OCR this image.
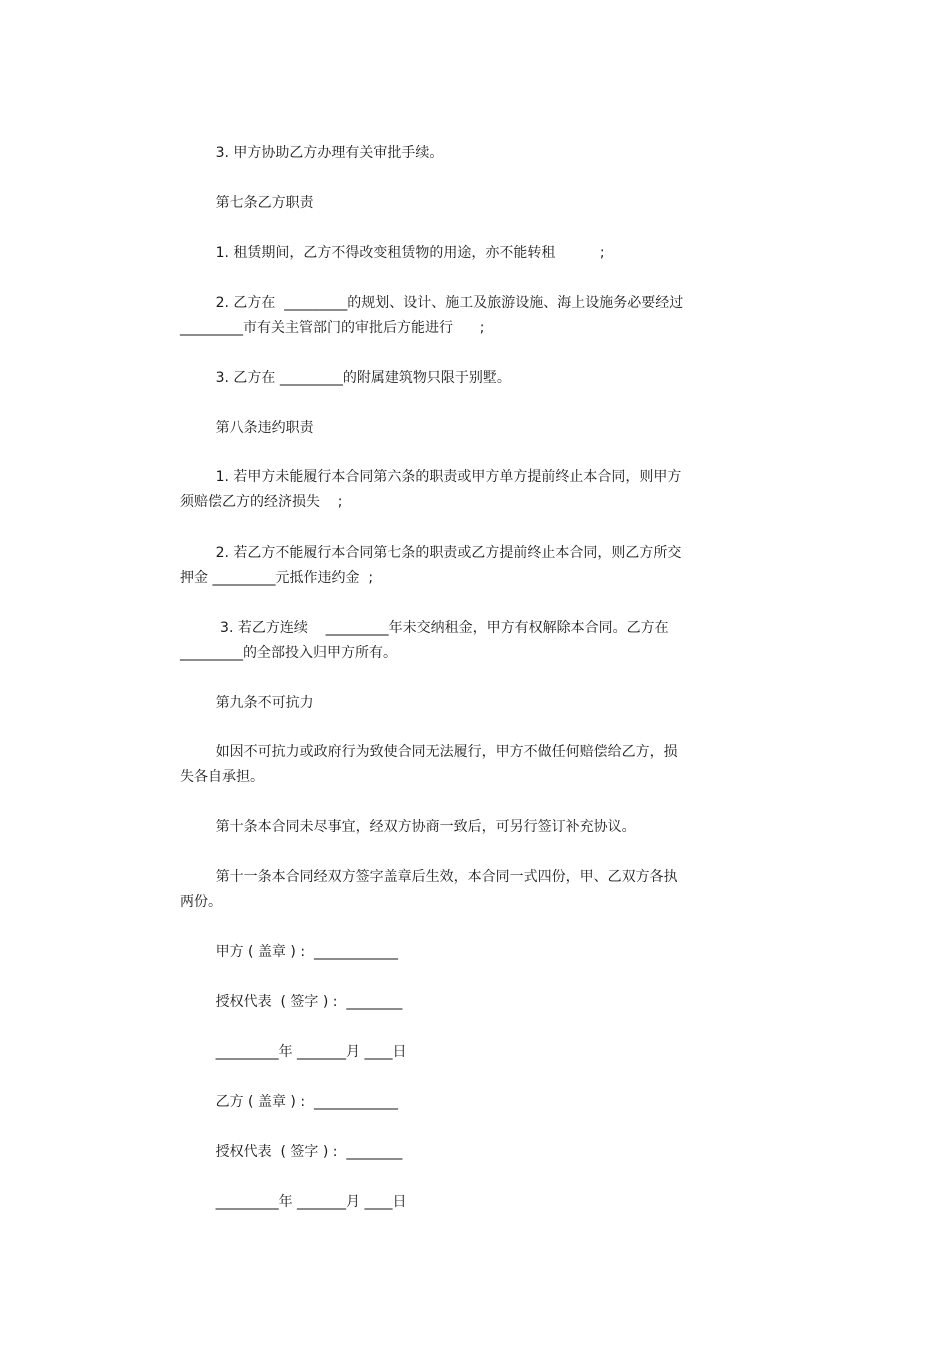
3. 甲方协助乙方办理有关审批手续。
第七条乙方职责
1. 租赁期间，乙方不得改变租赁物的用途，亦不能转租          ;
2. 乙方在  _________的规划、设计、施工及旅游设施、海上设施务必要经过
_________市有关主管部门的审批后方能进行      ;
3. 乙方在 _________的附属建筑物只限于别墅。
第八条违约职责
1. 若甲方未能履行本合同第六条的职责或甲方单方提前终止本合同，则甲方
须赔偿乙方的经济损失    ;
2. 若乙方不能履行本合同第七条的职责或乙方提前终止本合同，则乙方所交
押金 _________元抵作违约金  ;
3. 若乙方连续    _________年未交纳租金，甲方有权解除本合同。乙方在
_________的全部投入归甲方所有。
第九条不可抗力
如因不可抗力或政府行为致使合同无法履行，甲方不做任何赔偿给乙方，损
失各自承担。
第十条本合同未尽事宜，经双方协商一致后，可另行签订补充协议。
第十一条本合同经双方签字盖章后生效，本合同一式四份，甲、乙双方各执
两份。
甲方 ( 盖章 ) :  ____________
授权代表  ( 签字 ) :  ________
_________年 _______月 ____日
乙方 ( 盖章 ) :  ____________
授权代表  ( 签字 ) :  ________
_________年 _______月 ____日
